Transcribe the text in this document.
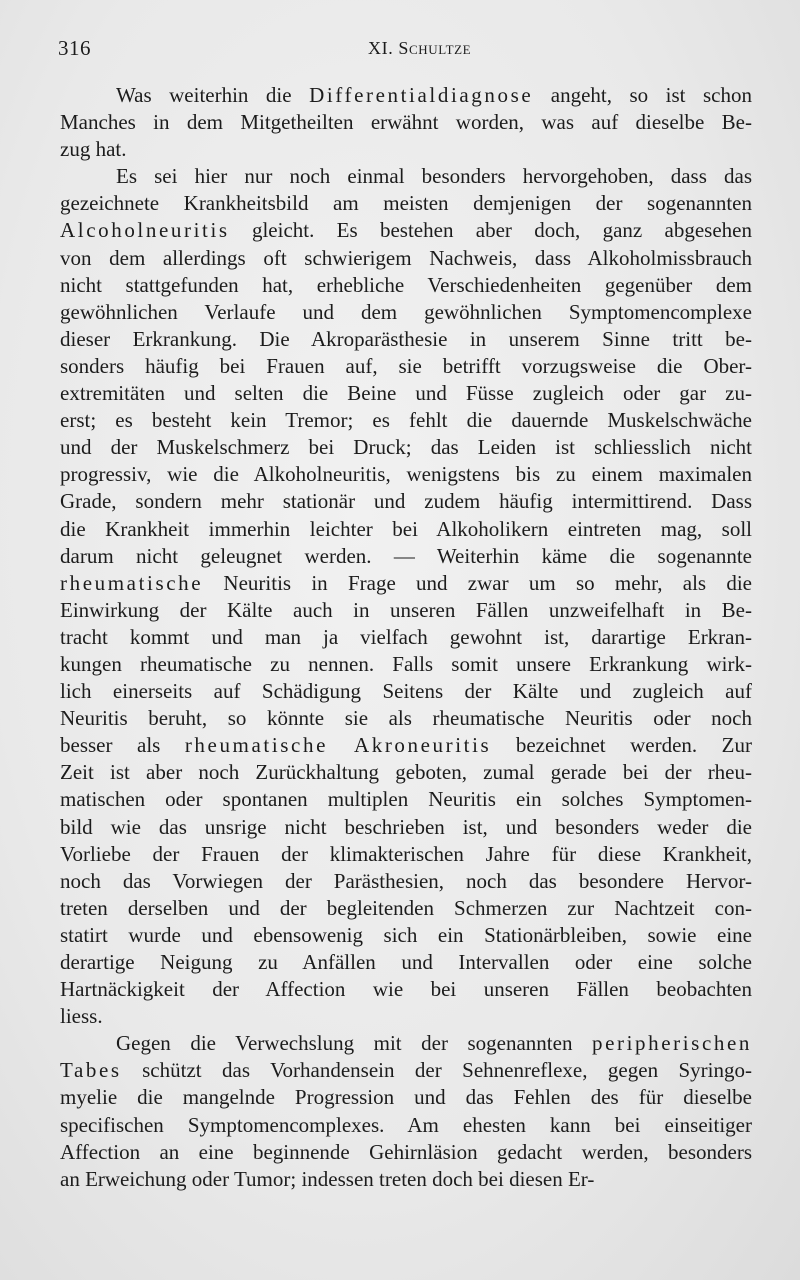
316	XI. Schultze
Was weiterhin die Differentialdiagnose angeht, so ist schon
Manches in dem Mitgetheilten erwähnt worden, was auf dieselbe Be-
zug hat.
Es sei hier nur noch einmal besonders hervorgehoben, dass das
gezeichnete Krankheitsbild am meisten demjenigen der sogenannten
Alcoholneuritis gleicht. Es bestehen aber doch, ganz abgesehen
von dem allerdings oft schwierigem Nachweis, dass Alkoholmissbrauch
nicht stattgefunden hat, erhebliche Verschiedenheiten gegenüber dem
gewöhnlichen Verlaufe und dem gewöhnlichen Symptomencomplexe
dieser Erkrankung. Die Akroparästhesie in unserem Sinne tritt be-
sonders häufig bei Frauen auf, sie betrifft vorzugsweise die Ober-
extremitäten und selten die Beine und Füsse zugleich oder gar zu-
erst; es besteht kein Tremor; es fehlt die dauernde Muskelschwäche
und der Muskelschmerz bei Druck; das Leiden ist schliesslich nicht
progressiv, wie die Alkoholneuritis, wenigstens bis zu einem maximalen
Grade, sondern mehr stationär und zudem häufig intermittirend. Dass
die Krankheit immerhin leichter bei Alkoholikern eintreten mag, soll
darum nicht geleugnet werden. — Weiterhin käme die sogenannte
rheumatische Neuritis in Frage und zwar um so mehr, als die
Einwirkung der Kälte auch in unseren Fällen unzweifelhaft in Be-
tracht kommt und man ja vielfach gewohnt ist, darartige Erkran-
kungen rheumatische zu nennen. Falls somit unsere Erkrankung wirk-
lich einerseits auf Schädigung Seitens der Kälte und zugleich auf
Neuritis beruht, so könnte sie als rheumatische Neuritis oder noch
besser als rheumatische Akroneuritis bezeichnet werden. Zur
Zeit ist aber noch Zurückhaltung geboten, zumal gerade bei der rheu-
matischen oder spontanen multiplen Neuritis ein solches Symptomen-
bild wie das unsrige nicht beschrieben ist, und besonders weder die
Vorliebe der Frauen der klimakterischen Jahre für diese Krankheit,
noch das Vorwiegen der Parästhesien, noch das besondere Hervor-
treten derselben und der begleitenden Schmerzen zur Nachtzeit con-
statirt wurde und ebensowenig sich ein Stationärbleiben, sowie eine
derartige Neigung zu Anfällen und Intervallen oder eine solche
Hartnäckigkeit der Affection wie bei unseren Fällen beobachten
liess.
Gegen die Verwechslung mit der sogenannten peripherischen
Tabes schützt das Vorhandensein der Sehnenreflexe, gegen Syringo-
myelie die mangelnde Progression und das Fehlen des für dieselbe
specifischen Symptomencomplexes. Am ehesten kann bei einseitiger
Affection an eine beginnende Gehirnläsion gedacht werden, besonders
an Erweichung oder Tumor; indessen treten doch bei diesen Er-
